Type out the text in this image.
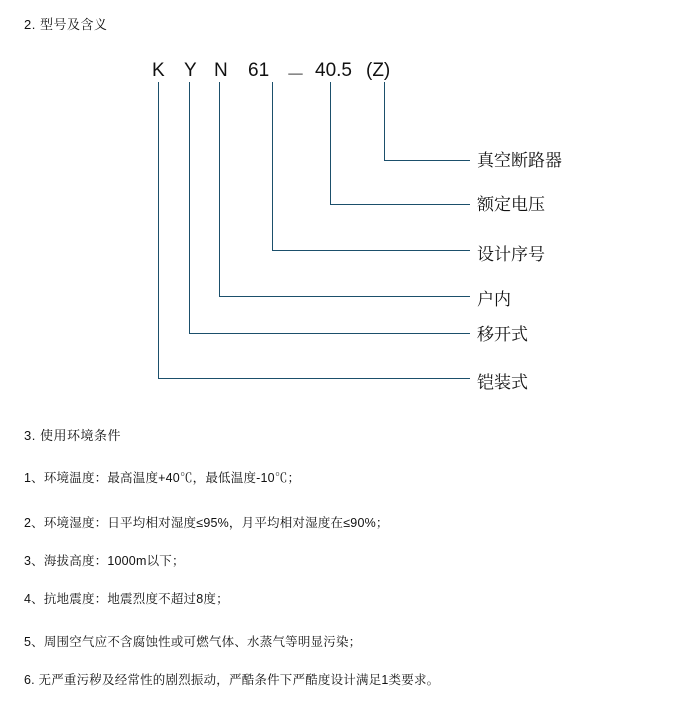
2. 型号及含义
K Y N 61 － 40.5 (Z)
真空断路器
额定电压
设计序号
户内
移开式
铠装式
3. 使用环境条件
1、环境温度：最高温度+40℃，最低温度-10℃；
2、环境湿度：日平均相对湿度≤95%，月平均相对湿度在≤90%；
3、海拔高度：1000m以下；
4、抗地震度：地震烈度不超过8度；
5、周围空气应不含腐蚀性或可燃气体、水蒸气等明显污染；
6. 无严重污秽及经常性的剧烈振动，严酷条件下严酷度设计满足1类要求。
